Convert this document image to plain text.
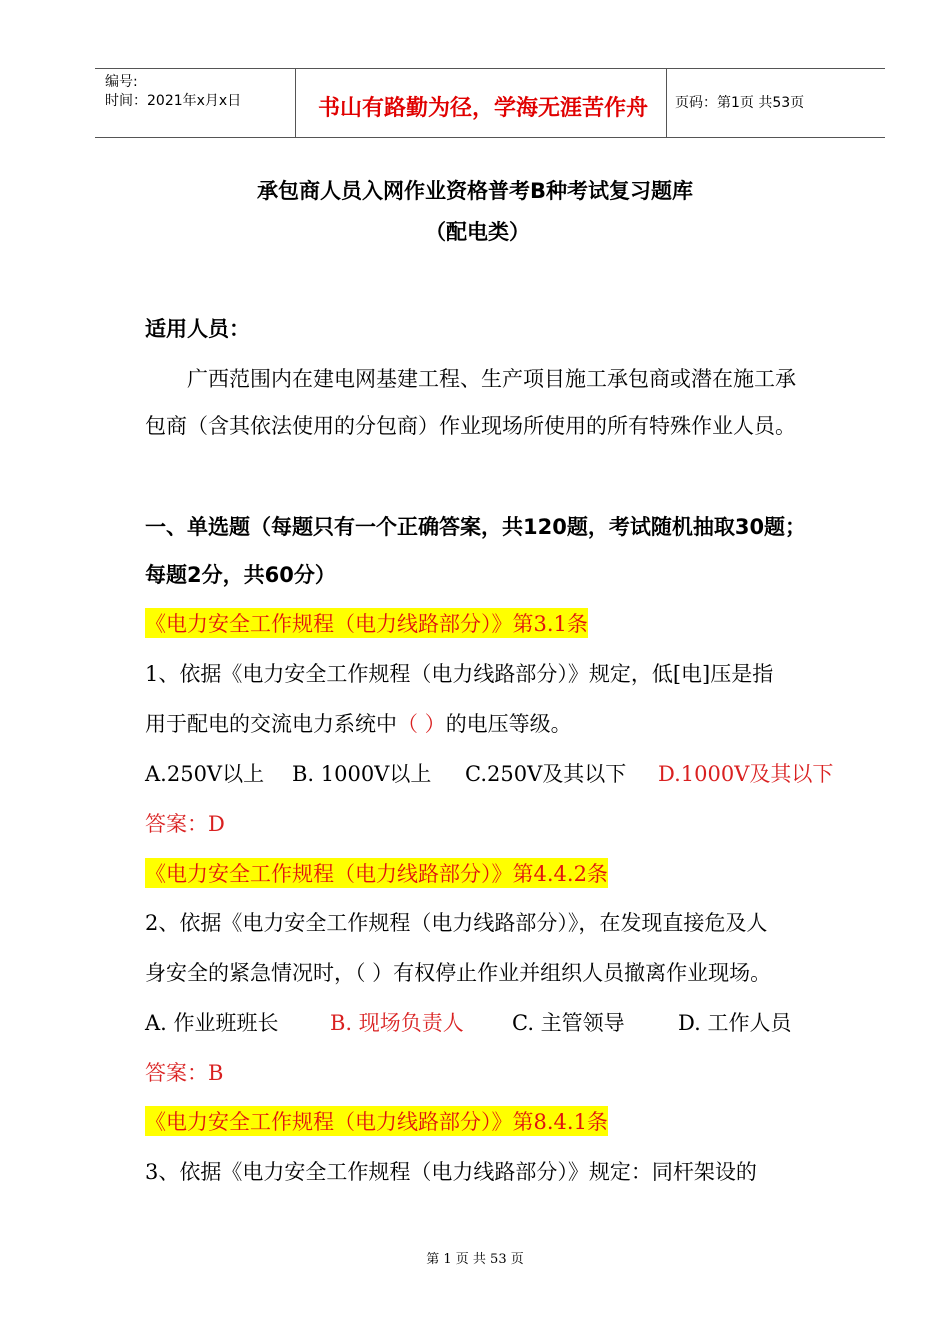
编号:
时间：2021年x月x日	书山有路勤为径，学海无涯苦作舟 页码：第1页 共53页
承包商人员入网作业资格普考B种考试复习题库
（配电类）
适用人员：
广西范围内在建电网基建工程、生产项目施工承包商或潜在施工承
包商（含其依法使用的分包商）作业现场所使用的所有特殊作业人员。
一、单选题（每题只有一个正确答案，共120题，考试随机抽取30题；
每题2分，共60分）
《电力安全工作规程（电力线路部分）》第3.1条
1、依据《电力安全工作规程（电力线路部分）》规定，低[电]压是指
用于配电的交流电力系统中（ ）的电压等级。
A.250V以上 B. 1000V以上 C.250V及其以下 D.1000V及其以下
答案：D
《电力安全工作规程（电力线路部分）》第4.4.2条
2、依据《电力安全工作规程（电力线路部分）》，在发现直接危及人
身安全的紧急情况时，（ ）有权停止作业并组织人员撤离作业现场。
A. 作业班班长 B. 现场负责人 C. 主管领导	D. 工作人员
答案：B
《电力安全工作规程（电力线路部分）》第8.4.1条
3、依据《电力安全工作规程（电力线路部分）》规定：同杆架设的
第 1 页 共 53 页
